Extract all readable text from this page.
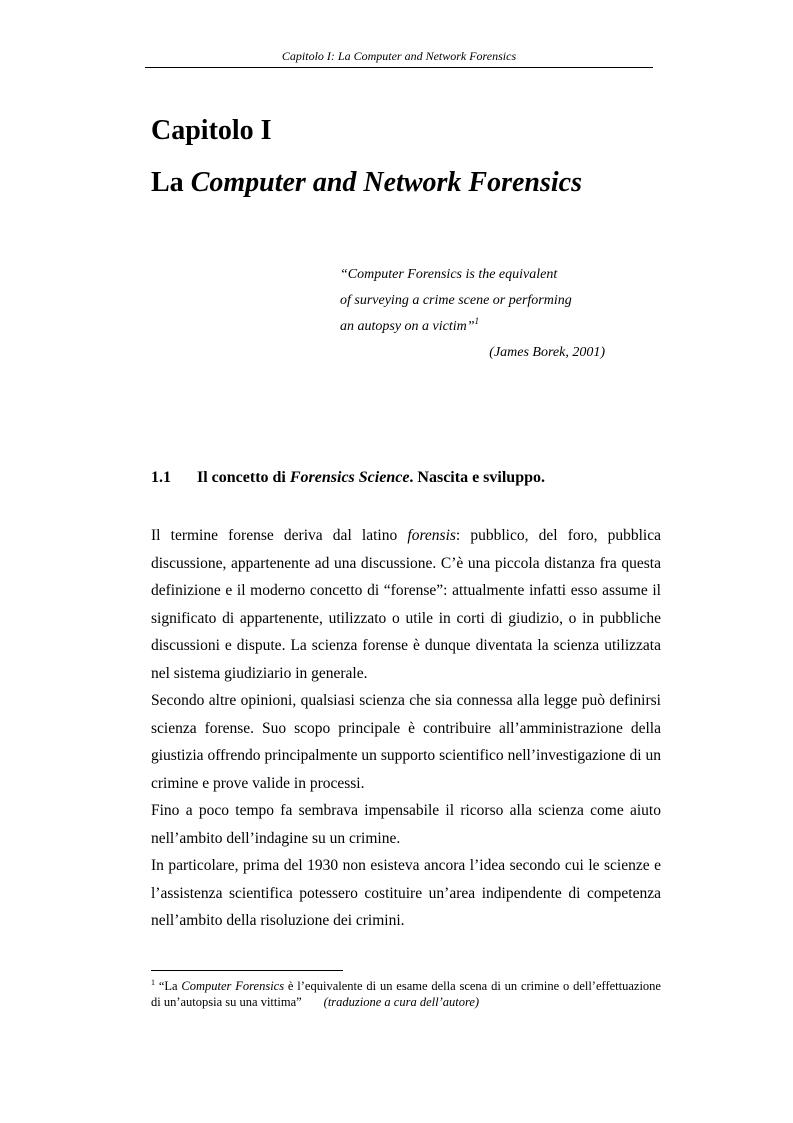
Capitolo I: La Computer and Network Forensics
Capitolo I
La Computer and Network Forensics
“Computer Forensics is the equivalent
of surveying a crime scene or performing
an autopsy on a victim”$^1$
(James Borek, 2001)
1.1 Il concetto di Forensics Science. Nascita e sviluppo.

Il termine forense deriva dal latino forensis: pubblico, del foro, pubblica discussione, appartenente ad una discussione. C’è una piccola distanza fra questa definizione e il moderno concetto di “forense”: attualmente infatti esso assume il significato di appartenente, utilizzato o utile in corti di giudizio, o in pubbliche discussioni e dispute. La scienza forense è dunque diventata la scienza utilizzata nel sistema giudiziario in generale.

Secondo altre opinioni, qualsiasi scienza che sia connessa alla legge può definirsi scienza forense. Suo scopo principale è contribuire all’amministrazione della giustizia offrendo principalmente un supporto scientifico nell’investigazione di un crimine e prove valide in processi.

Fino a poco tempo fa sembrava impensabile il ricorso alla scienza come aiuto nell’ambito dell’indagine su un crimine.

In particolare, prima del 1930 non esisteva ancora l’idea secondo cui le scienze e l’assistenza scientifica potessero costituire un’area indipendente di competenza nell’ambito della risoluzione dei crimini.

$^1$ “La Computer Forensics è l’equivalente di un esame della scena di un crimine o dell’effettuazione di un’autopsia su una vittima” (traduzione a cura dell’autore)
